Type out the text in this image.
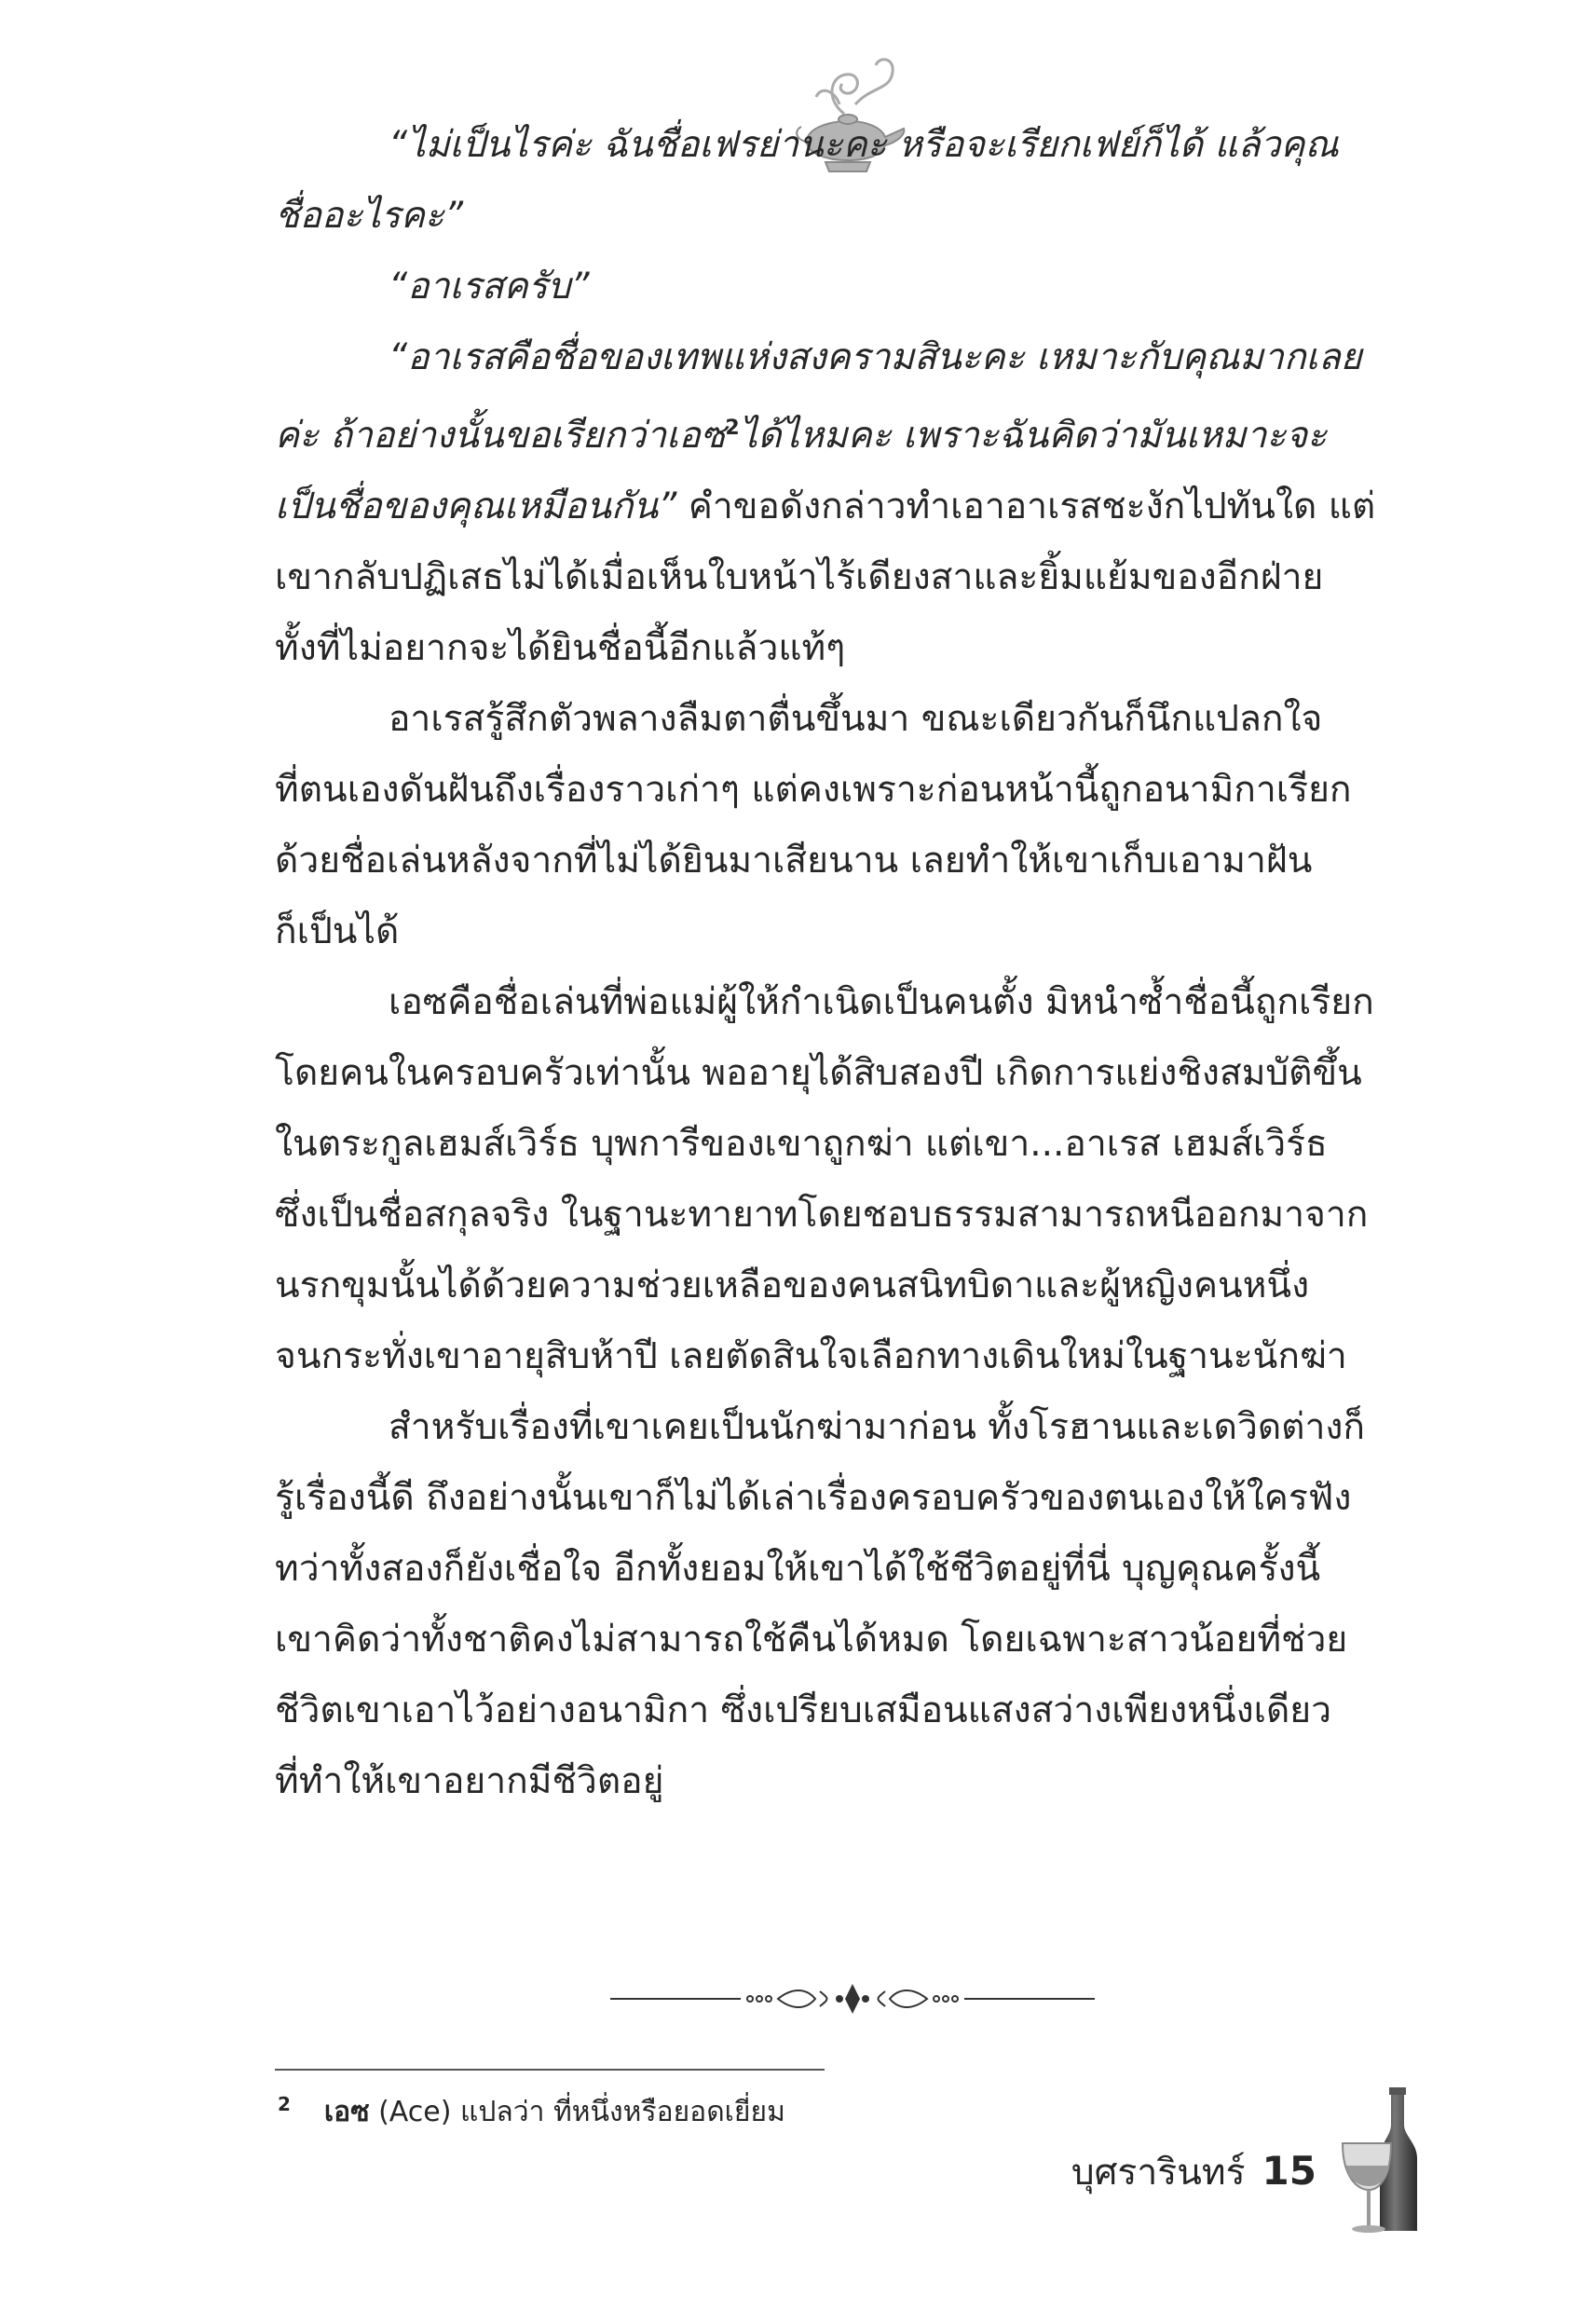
“ไม่เป็นไรค่ะ ฉันชื่อเฟรย่านะคะ หรือจะเรียกเฟย์ก็ได้ แล้วคุณ
ชื่ออะไรคะ”

“อาเรสครับ”

“อาเรสคือชื่อของเทพแห่งสงครามสินะคะ เหมาะกับคุณมากเลย
ค่ะ ถ้าอย่างนั้นขอเรียกว่าเอซ$^2$ได้ไหมคะ เพราะฉันคิดว่ามันเหมาะจะ
เป็นชื่อของคุณเหมือนกัน” คำขอดังกล่าวทำเอาอาเรสชะงักไปทันใด แต่
เขากลับปฏิเสธไม่ได้เมื่อเห็นใบหน้าไร้เดียงสาและยิ้มแย้มของอีกฝ่าย
ทั้งที่ไม่อยากจะได้ยินชื่อนี้อีกแล้วแท้ๆ

อาเรสรู้สึกตัวพลางลืมตาตื่นขึ้นมา ขณะเดียวกันก็นึกแปลกใจ
ที่ตนเองดันฝันถึงเรื่องราวเก่าๆ แต่คงเพราะก่อนหน้านี้ถูกอนามิกาเรียก
ด้วยชื่อเล่นหลังจากที่ไม่ได้ยินมาเสียนาน เลยทำให้เขาเก็บเอามาฝัน
ก็เป็นได้

เอซคือชื่อเล่นที่พ่อแม่ผู้ให้กำเนิดเป็นคนตั้ง มิหนำซ้ำชื่อนี้ถูกเรียก
โดยคนในครอบครัวเท่านั้น พออายุได้สิบสองปี เกิดการแย่งชิงสมบัติขึ้น
ในตระกูลเฮมส์เวิร์ธ บุพการีของเขาถูกฆ่า แต่เขา...อาเรส เฮมส์เวิร์ธ
ซึ่งเป็นชื่อสกุลจริง ในฐานะทายาทโดยชอบธรรมสามารถหนีออกมาจาก
นรกขุมนั้นได้ด้วยความช่วยเหลือของคนสนิทบิดาและผู้หญิงคนหนึ่ง
จนกระทั่งเขาอายุสิบห้าปี เลยตัดสินใจเลือกทางเดินใหม่ในฐานะนักฆ่า

สำหรับเรื่องที่เขาเคยเป็นนักฆ่ามาก่อน ทั้งโรฮานและเดวิดต่างก็
รู้เรื่องนี้ดี ถึงอย่างนั้นเขาก็ไม่ได้เล่าเรื่องครอบครัวของตนเองให้ใครฟัง
ทว่าทั้งสองก็ยังเชื่อใจ อีกทั้งยอมให้เขาได้ใช้ชีวิตอยู่ที่นี่ บุญคุณครั้งนี้
เขาคิดว่าทั้งชาติคงไม่สามารถใช้คืนได้หมด โดยเฉพาะสาวน้อยที่ช่วย
ชีวิตเขาเอาไว้อย่างอนามิกา ซึ่งเปรียบเสมือนแสงสว่างเพียงหนึ่งเดียว
ที่ทำให้เขาอยากมีชีวิตอยู่

$^2$ เอซ (Ace) แปลว่า ที่หนึ่งหรือยอดเยี่ยม
บุศรารินทร์ 15
